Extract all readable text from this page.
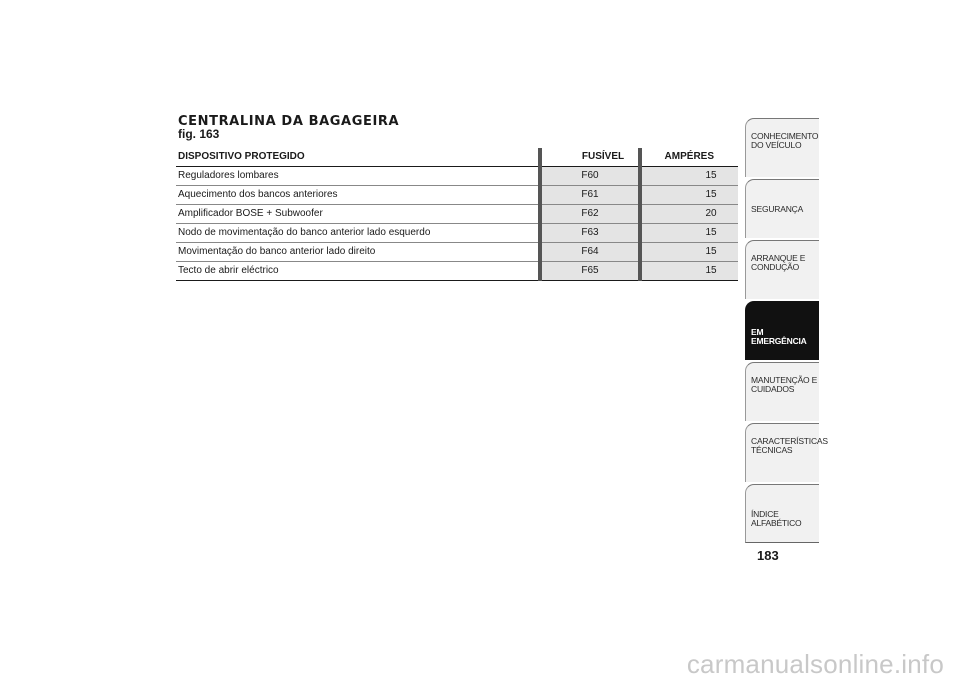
CENTRALINA DA BAGAGEIRA
fig. 163
DISPOSITIVO PROTEGIDO	FUSÍVEL	AMPÉRES
Reguladores lombares	F60	15
Aquecimento dos bancos anteriores	F61	15
Amplificador BOSE + Subwoofer	F62	20
Nodo de movimentação do banco anterior lado esquerdo	F63	15
Movimentação do banco anterior lado direito	F64	15
Tecto de abrir eléctrico	F65	15
CONHECIMENTO DO VEÍCULO
SEGURANÇA
ARRANQUE E CONDUÇÃO
EM EMERGÊNCIA
MANUTENÇÃO E CUIDADOS
CARACTERÍSTICAS TÉCNICAS
ÍNDICE ALFABÉTICO
183
carmanualsonline.info
